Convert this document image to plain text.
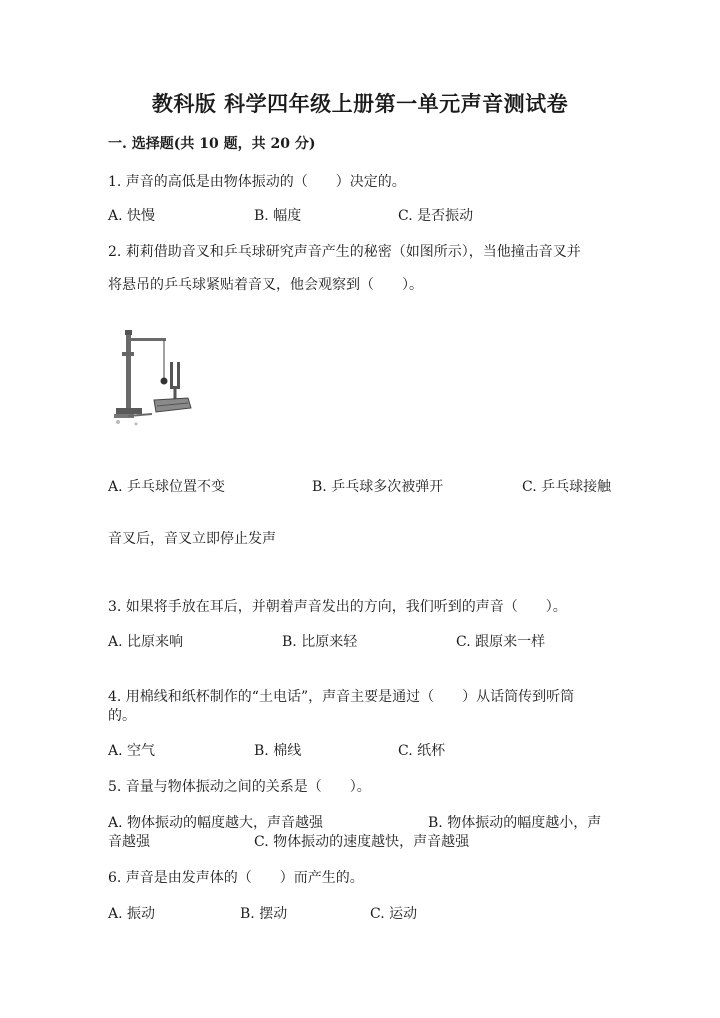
教科版 科学四年级上册第一单元声音测试卷
一. 选择题(共 10 题，共 20 分)
1. 声音的高低是由物体振动的（　　）决定的。
A. 快慢	B. 幅度	C. 是否振动
2. 莉莉借助音叉和乒乓球研究声音产生的秘密（如图所示），当他撞击音叉并
将悬吊的乒乓球紧贴着音叉，他会观察到（　　）。
A. 乒乓球位置不变	B. 乒乓球多次被弹开	C. 乒乓球接触
音叉后，音叉立即停止发声
3. 如果将手放在耳后，并朝着声音发出的方向，我们听到的声音（　　）。
A. 比原来响	B. 比原来轻	C. 跟原来一样
4. 用棉线和纸杯制作的“土电话”，声音主要是通过（　　）从话筒传到听筒
的。
A. 空气	B. 棉线	C. 纸杯
5. 音量与物体振动之间的关系是（　　）。
A. 物体振动的幅度越大，声音越强	B. 物体振动的幅度越小，声
音越强	C. 物体振动的速度越快，声音越强
6. 声音是由发声体的（　　）而产生的。
A. 振动	B. 摆动	C. 运动
